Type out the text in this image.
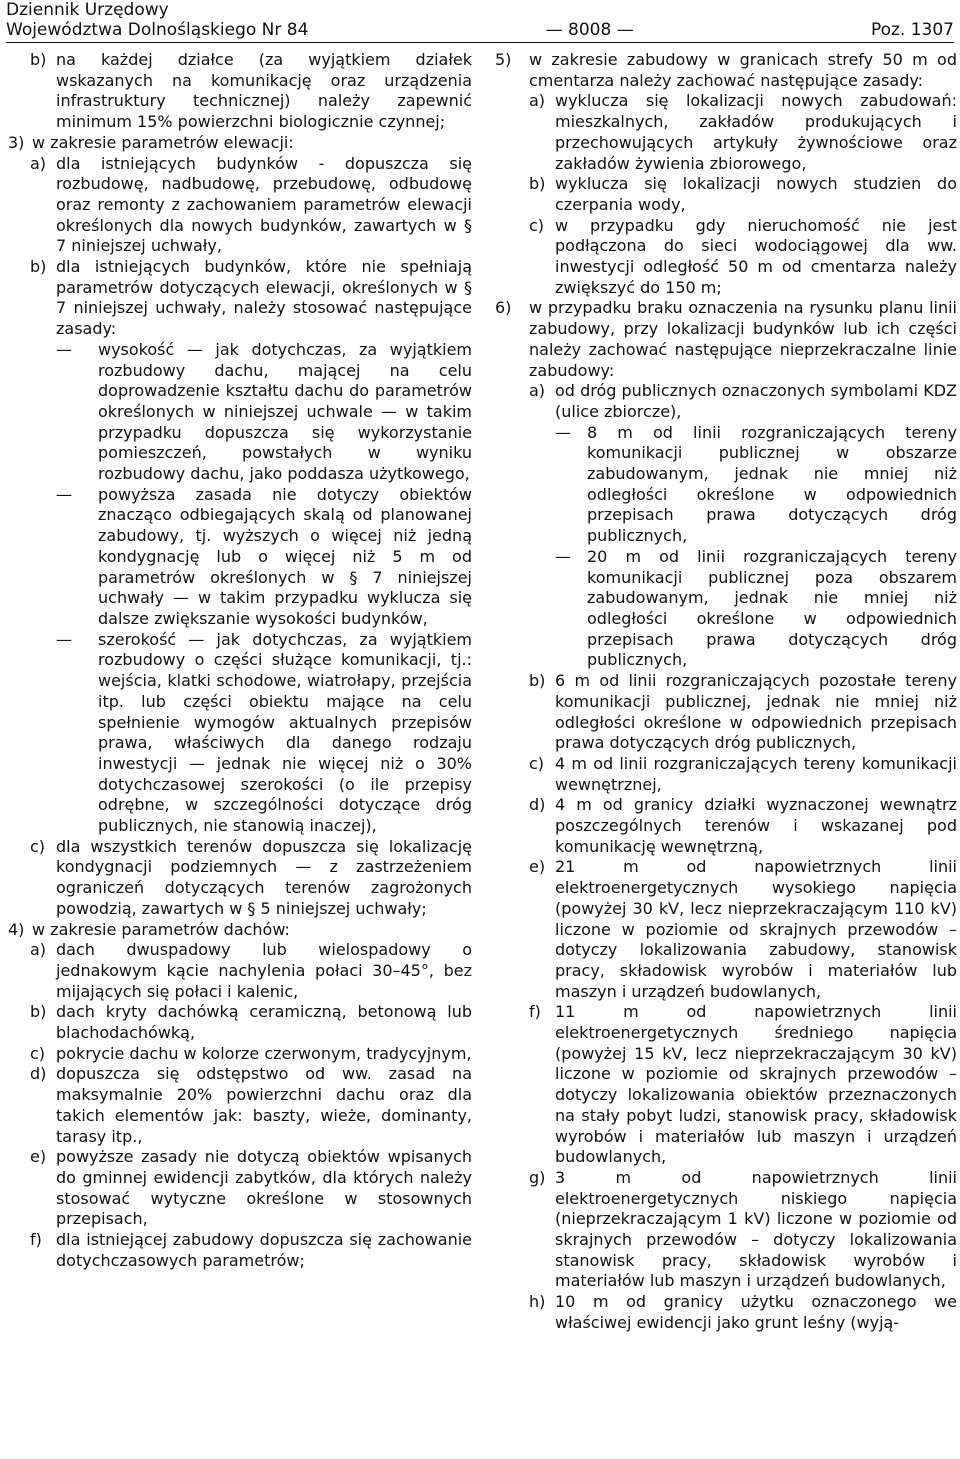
Dziennik Urzędowy
Województwa Dolnośląskiego Nr 84	— 8008 —	Poz. 1307
b) na każdej działce (za wyjątkiem działek wskazanych na komunikację oraz urządzenia infrastruktury technicznej) należy zapewnić minimum 15% powierzchni biologicznie czynnej;
3) w zakresie parametrów elewacji:
a) dla istniejących budynków - dopuszcza się rozbudowę, nadbudowę, przebudowę, odbudowę oraz remonty z zachowaniem parametrów elewacji określonych dla nowych budynków, zawartych w § 7 niniejszej uchwały,
b) dla istniejących budynków, które nie spełniają parametrów dotyczących elewacji, określonych w § 7 niniejszej uchwały, należy stosować następujące zasady:
—	wysokość — jak dotychczas, za wyjątkiem rozbudowy dachu, mającej na celu doprowadzenie kształtu dachu do parametrów określonych w niniejszej uchwale — w takim przypadku dopuszcza się wykorzystanie pomieszczeń, powstałych w wyniku rozbudowy dachu, jako poddasza użytkowego,
—	powyższa zasada nie dotyczy obiektów znacząco odbiegających skalą od planowanej zabudowy, tj. wyższych o więcej niż jedną kondygnację lub o więcej niż 5 m od parametrów określonych w § 7 niniejszej uchwały — w takim przypadku wyklucza się dalsze zwiększanie wysokości budynków,
—	szerokość — jak dotychczas, za wyjątkiem rozbudowy o części służące komunikacji, tj.: wejścia, klatki schodowe, wiatrołapy, przejścia itp. lub części obiektu mające na celu spełnienie wymogów aktualnych przepisów prawa, właściwych dla danego rodzaju inwestycji — jednak nie więcej niż o 30% dotychczasowej szerokości (o ile przepisy odrębne, w szczególności dotyczące dróg publicznych, nie stanowią inaczej),
c) dla wszystkich terenów dopuszcza się lokalizację kondygnacji podziemnych — z zastrzeżeniem ograniczeń dotyczących terenów zagrożonych powodzią, zawartych w § 5 niniejszej uchwały;
4) w zakresie parametrów dachów:
a) dach dwuspadowy lub wielospadowy o jednakowym kącie nachylenia połaci 30–45°, bez mijających się połaci i kalenic,
b) dach kryty dachówką ceramiczną, betonową lub blachodachówką,
c) pokrycie dachu w kolorze czerwonym, tradycyjnym,
d) dopuszcza się odstępstwo od ww. zasad na maksymalnie 20% powierzchni dachu oraz dla takich elementów jak: baszty, wieże, dominanty, tarasy itp.,
e) powyższe zasady nie dotyczą obiektów wpisanych do gminnej ewidencji zabytków, dla których należy stosować wytyczne określone w stosownych przepisach,
f) dla istniejącej zabudowy dopuszcza się zachowanie dotychczasowych parametrów;
5)	w zakresie zabudowy w granicach strefy 50 m od cmentarza należy zachować następujące zasady:
a) wyklucza się lokalizacji nowych zabudowań: mieszkalnych, zakładów produkujących i przechowujących artykuły żywnościowe oraz zakładów żywienia zbiorowego,
b) wyklucza się lokalizacji nowych studzien do czerpania wody,
c) w przypadku gdy nieruchomość nie jest podłączona do sieci wodociągowej dla ww. inwestycji odległość 50 m od cmentarza należy zwiększyć do 150 m;
6)	w przypadku braku oznaczenia na rysunku planu linii zabudowy, przy lokalizacji budynków lub ich części należy zachować następujące nieprzekraczalne linie zabudowy:
a) od dróg publicznych oznaczonych symbolami KDZ (ulice zbiorcze),
—	8 m od linii rozgraniczających tereny komunikacji publicznej w obszarze zabudowanym, jednak nie mniej niż odległości określone w odpowiednich przepisach prawa dotyczących dróg publicznych,
—	20 m od linii rozgraniczających tereny komunikacji publicznej poza obszarem zabudowanym, jednak nie mniej niż odległości określone w odpowiednich przepisach prawa dotyczących dróg publicznych,
b) 6 m od linii rozgraniczających pozostałe tereny komunikacji publicznej, jednak nie mniej niż odległości określone w odpowiednich przepisach prawa dotyczących dróg publicznych,
c) 4 m od linii rozgraniczających tereny komunikacji wewnętrznej,
d) 4 m od granicy działki wyznaczonej wewnątrz poszczególnych terenów i wskazanej pod komunikację wewnętrzną,
e) 21 m od napowietrznych linii elektroenergetycznych wysokiego napięcia (powyżej 30 kV, lecz nieprzekraczającym 110 kV) liczone w poziomie od skrajnych przewodów – dotyczy lokalizowania zabudowy, stanowisk pracy, składowisk wyrobów i materiałów lub maszyn i urządzeń budowlanych,
f) 11 m od napowietrznych linii elektroenergetycznych średniego napięcia (powyżej 15 kV, lecz nieprzekraczającym 30 kV) liczone w poziomie od skrajnych przewodów – dotyczy lokalizowania obiektów przeznaczonych na stały pobyt ludzi, stanowisk pracy, składowisk wyrobów i materiałów lub maszyn i urządzeń budowlanych,
g) 3 m od napowietrznych linii elektroenergetycznych niskiego napięcia (nieprzekraczającym 1 kV) liczone w poziomie od skrajnych przewodów – dotyczy lokalizowania stanowisk pracy, składowisk wyrobów i materiałów lub maszyn i urządzeń budowlanych,
h) 10 m od granicy użytku oznaczonego we właściwej ewidencji jako grunt leśny (wyją-
